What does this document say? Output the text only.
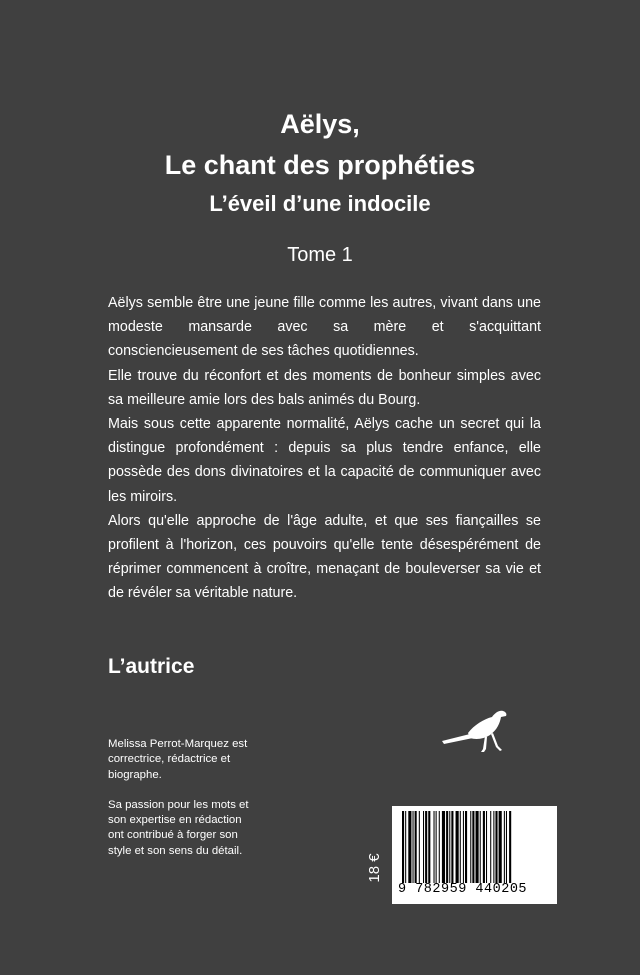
Aëlys,
Le chant des prophéties
L’éveil d’une indocile
Tome 1

Aëlys semble être une jeune fille comme les autres, vivant dans une modeste mansarde avec sa mère et s'acquittant consciencieusement de ses tâches quotidiennes.

Elle trouve du réconfort et des moments de bonheur simples avec sa meilleure amie lors des bals animés du Bourg.

Mais sous cette apparente normalité, Aëlys cache un secret qui la distingue profondément : depuis sa plus tendre enfance, elle possède des dons divinatoires et la capacité de communiquer avec les miroirs.

Alors qu'elle approche de l'âge adulte, et que ses fiançailles se profilent à l'horizon, ces pouvoirs qu'elle tente désespérément de réprimer commencent à croître, menaçant de bouleverser sa vie et de révéler sa véritable nature.

L’autrice

Melissa Perrot-Marquez est correctrice, rédactrice et biographe.

Sa passion pour les mots et son expertise en rédaction ont contribué à forger son style et son sens du détail.

18 €
9 782959 440205
